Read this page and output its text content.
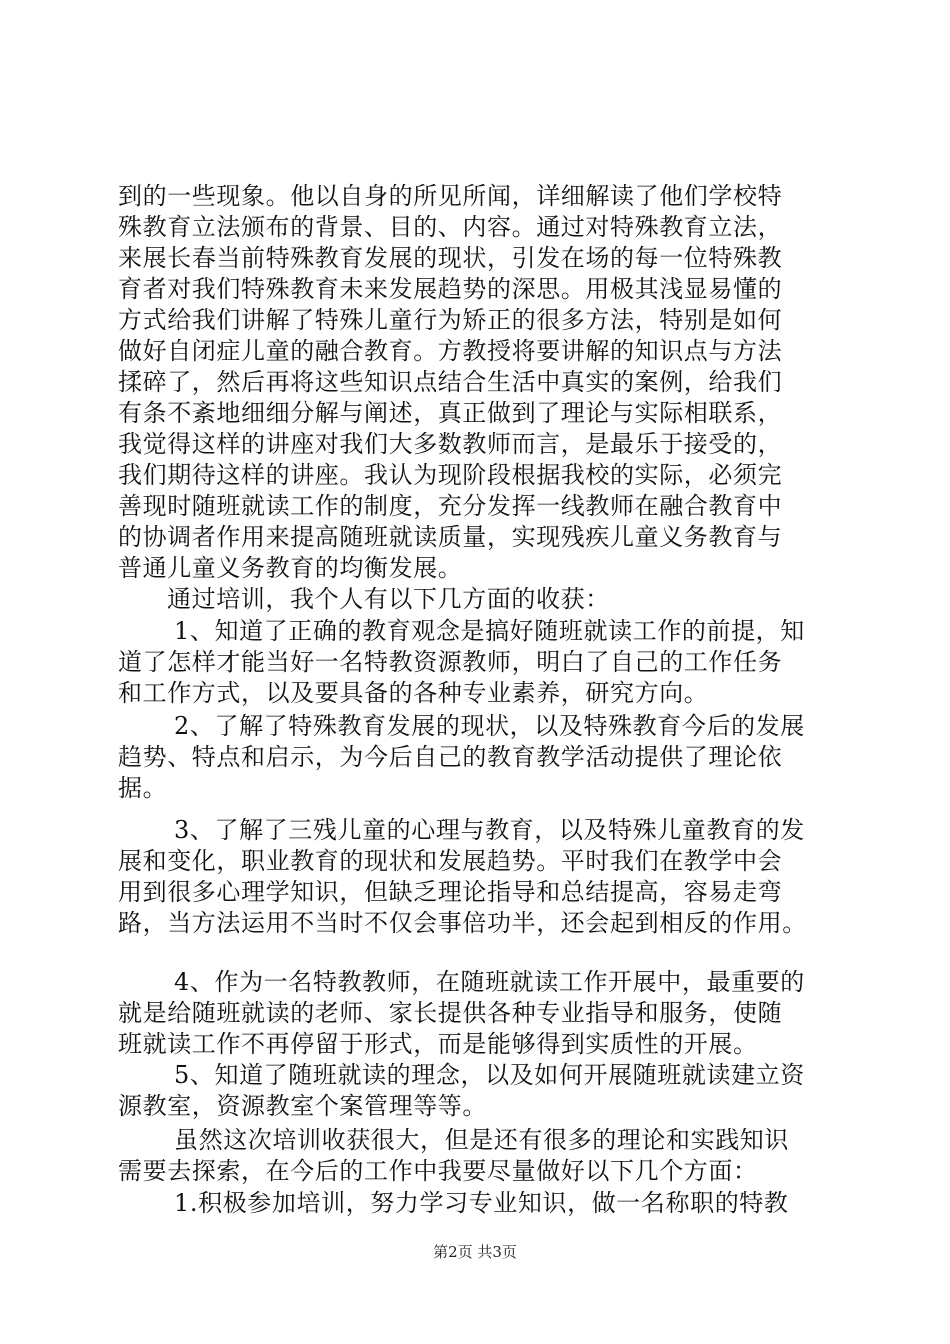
到的一些现象。他以自身的所见所闻，详细解读了他们学校特
殊教育立法颁布的背景、目的、内容。通过对特殊教育立法，
来展长春当前特殊教育发展的现状，引发在场的每一位特殊教
育者对我们特殊教育未来发展趋势的深思。用极其浅显易懂的
方式给我们讲解了特殊儿童行为矫正的很多方法，特别是如何
做好自闭症儿童的融合教育。方教授将要讲解的知识点与方法
揉碎了，然后再将这些知识点结合生活中真实的案例，给我们
有条不紊地细细分解与阐述，真正做到了理论与实际相联系，
我觉得这样的讲座对我们大多数教师而言，是最乐于接受的，
我们期待这样的讲座。我认为现阶段根据我校的实际，必须完
善现时随班就读工作的制度，充分发挥一线教师在融合教育中
的协调者作用来提高随班就读质量，实现残疾儿童义务教育与
普通儿童义务教育的均衡发展。
通过培训，我个人有以下几方面的收获：
1、知道了正确的教育观念是搞好随班就读工作的前提，知
道了怎样才能当好一名特教资源教师，明白了自己的工作任务
和工作方式，以及要具备的各种专业素养，研究方向。
2、了解了特殊教育发展的现状，以及特殊教育今后的发展
趋势、特点和启示，为今后自己的教育教学活动提供了理论依
据。
3、了解了三残儿童的心理与教育，以及特殊儿童教育的发
展和变化，职业教育的现状和发展趋势。平时我们在教学中会
用到很多心理学知识，但缺乏理论指导和总结提高，容易走弯
路，当方法运用不当时不仅会事倍功半，还会起到相反的作用。
4、作为一名特教教师，在随班就读工作开展中，最重要的
就是给随班就读的老师、家长提供各种专业指导和服务，使随
班就读工作不再停留于形式，而是能够得到实质性的开展。
5、知道了随班就读的理念，以及如何开展随班就读建立资
源教室，资源教室个案管理等等。
虽然这次培训收获很大，但是还有很多的理论和实践知识
需要去探索，在今后的工作中我要尽量做好以下几个方面：
1.积极参加培训，努力学习专业知识，做一名称职的特教
第2页 共3页
